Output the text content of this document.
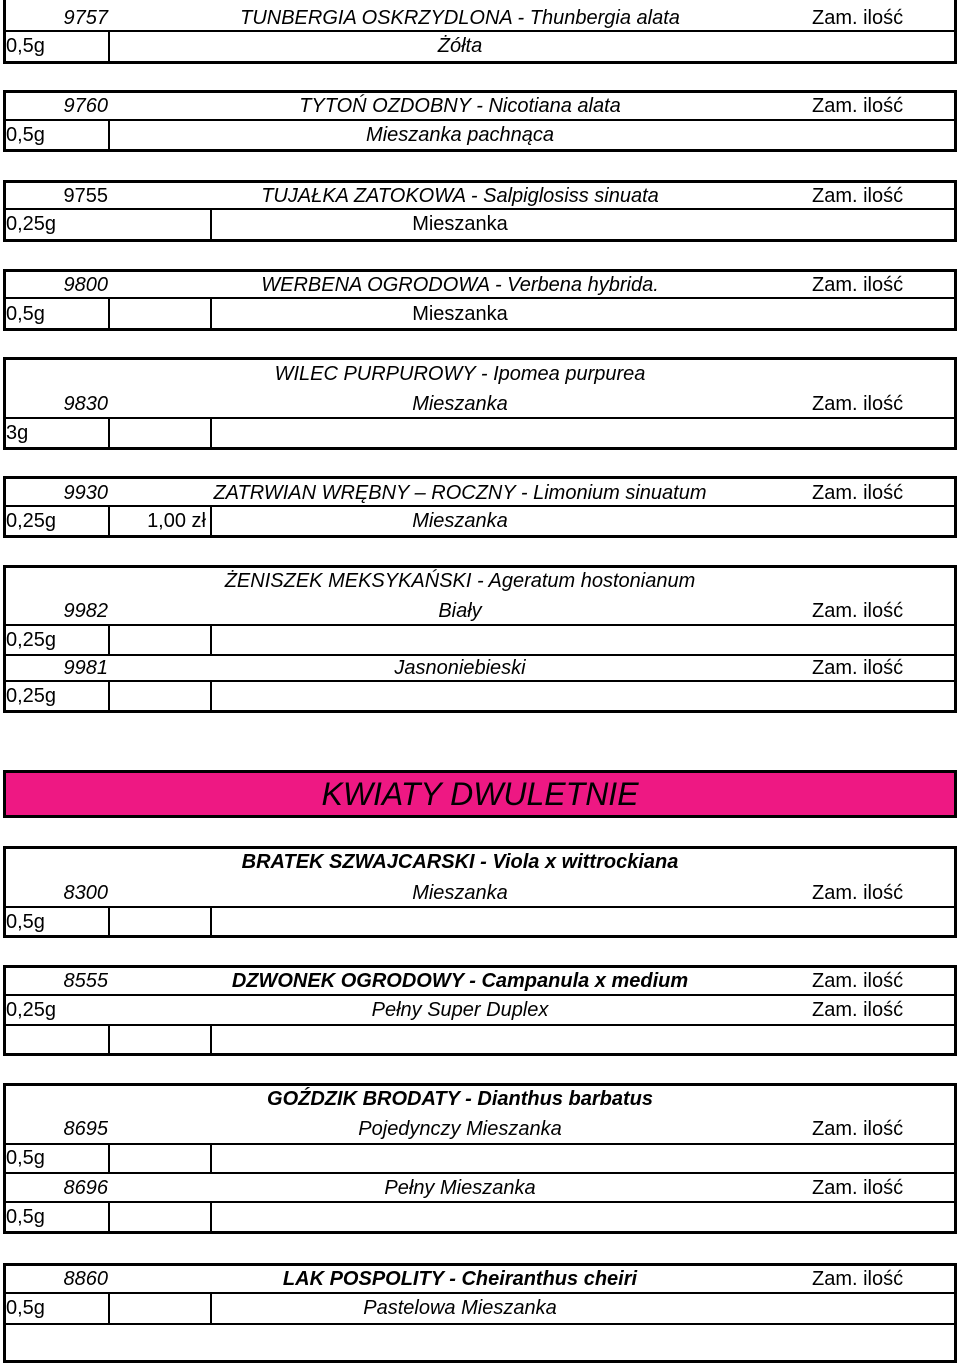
9757	TUNBERGIA OSKRZYDLONA - Thunbergia alata	Zam. ilość
0,5g	Żółta
9760	TYTOŃ OZDOBNY - Nicotiana alata	Zam. ilość
0,5g	Mieszanka pachnąca
9755	TUJAŁKA ZATOKOWA - Salpiglosiss sinuata	Zam. ilość
0,25g	Mieszanka
9800	WERBENA OGRODOWA - Verbena hybrida.	Zam. ilość
0,5g	Mieszanka
WILEC PURPUROWY - Ipomea purpurea
9830	Mieszanka	Zam. ilość
3g
9930	ZATRWIAN WRĘBNY – ROCZNY - Limonium sinuatum	Zam. ilość
0,25g	1,00 zł	Mieszanka
ŻENISZEK MEKSYKAŃSKI - Ageratum hostonianum
9982	Biały	Zam. ilość
0,25g
9981	Jasnoniebieski	Zam. ilość
0,25g
KWIATY DWULETNIE
BRATEK SZWAJCARSKI - Viola x wittrockiana
8300	Mieszanka	Zam. ilość
0,5g
8555	DZWONEK OGRODOWY - Campanula x medium	Zam. ilość
0,25g	Pełny Super Duplex	Zam. ilość
GOŹDZIK BRODATY - Dianthus barbatus
8695	Pojedynczy Mieszanka	Zam. ilość
0,5g
8696	Pełny Mieszanka	Zam. ilość
0,5g
8860	LAK POSPOLITY - Cheiranthus cheiri	Zam. ilość
0,5g	Pastelowa Mieszanka
